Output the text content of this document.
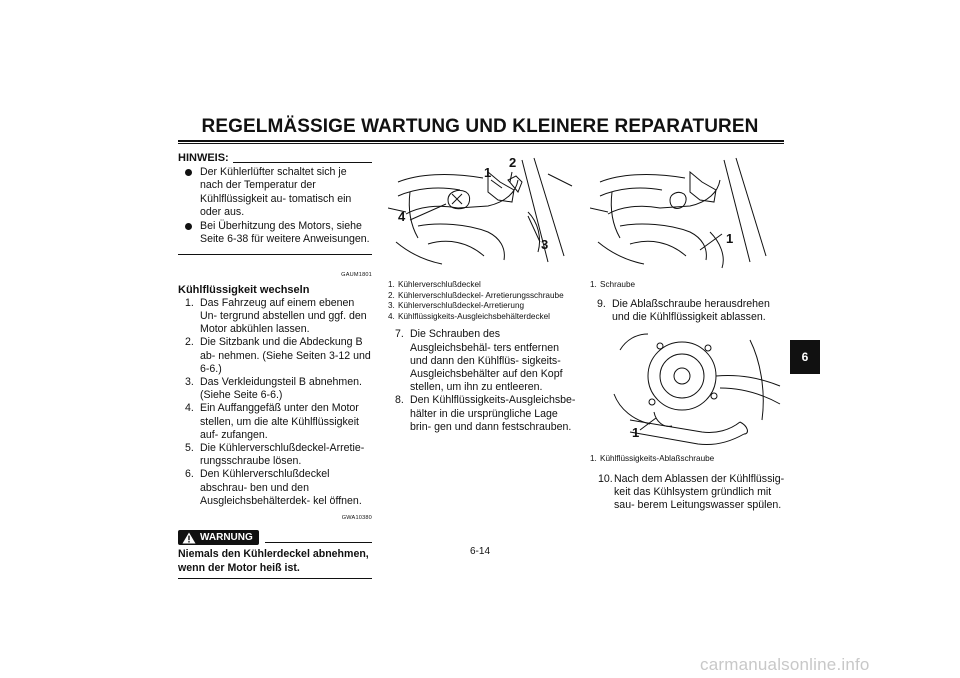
REGELMÄSSIGE WARTUNG UND KLEINERE REPARATUREN
HINWEIS:
Der Kühlerlüfter schaltet sich je nach der Temperatur der Kühlflüssigkeit au- tomatisch ein oder aus.
Bei Überhitzung des Motors, siehe Seite 6-38 für weitere Anweisungen.
GAUM1801
Kühlflüssigkeit wechseln
1. Das Fahrzeug auf einem ebenen Un- tergrund abstellen und ggf. den Motor abkühlen lassen.
2. Die Sitzbank und die Abdeckung B ab- nehmen. (Siehe Seiten 3-12 und 6-6.)
3. Das Verkleidungsteil B abnehmen. (Siehe Seite 6-6.)
4. Ein Auffanggefäß unter den Motor stellen, um die alte Kühlflüssigkeit auf- zufangen.
5. Die Kühlerverschlußdeckel-Arretie- rungsschraube lösen.
6. Den Kühlerverschlußdeckel abschrau- ben und den Ausgleichsbehälterdek- kel öffnen.
GWA10380
WARNUNG
Niemals den Kühlerdeckel abnehmen, wenn der Motor heiß ist.
1
2
3
4
1. Kühlerverschlußdeckel
2. Kühlerverschlußdeckel- Arretierungsschraube
3. Kühlerverschlußdeckel-Arretierung
4. Kühlflüssigkeits-Ausgleichsbehälterdeckel
7. Die Schrauben des Ausgleichsbehäl- ters entfernen und dann den Kühlflüs- sigkeits-Ausgleichsbehälter auf den Kopf stellen, um ihn zu entleeren.
8. Den Kühlflüssigkeits-Ausgleichsbe- hälter in die ursprüngliche Lage brin- gen und dann festschrauben.
1
1. Schraube
9. Die Ablaßschraube herausdrehen und die Kühlflüssigkeit ablassen.
1
1. Kühlflüssigkeits-Ablaßschraube
10. Nach dem Ablassen der Kühlflüssig- keit das Kühlsystem gründlich mit sau- berem Leitungswasser spülen.
6
6-14
carmanualsonline.info
